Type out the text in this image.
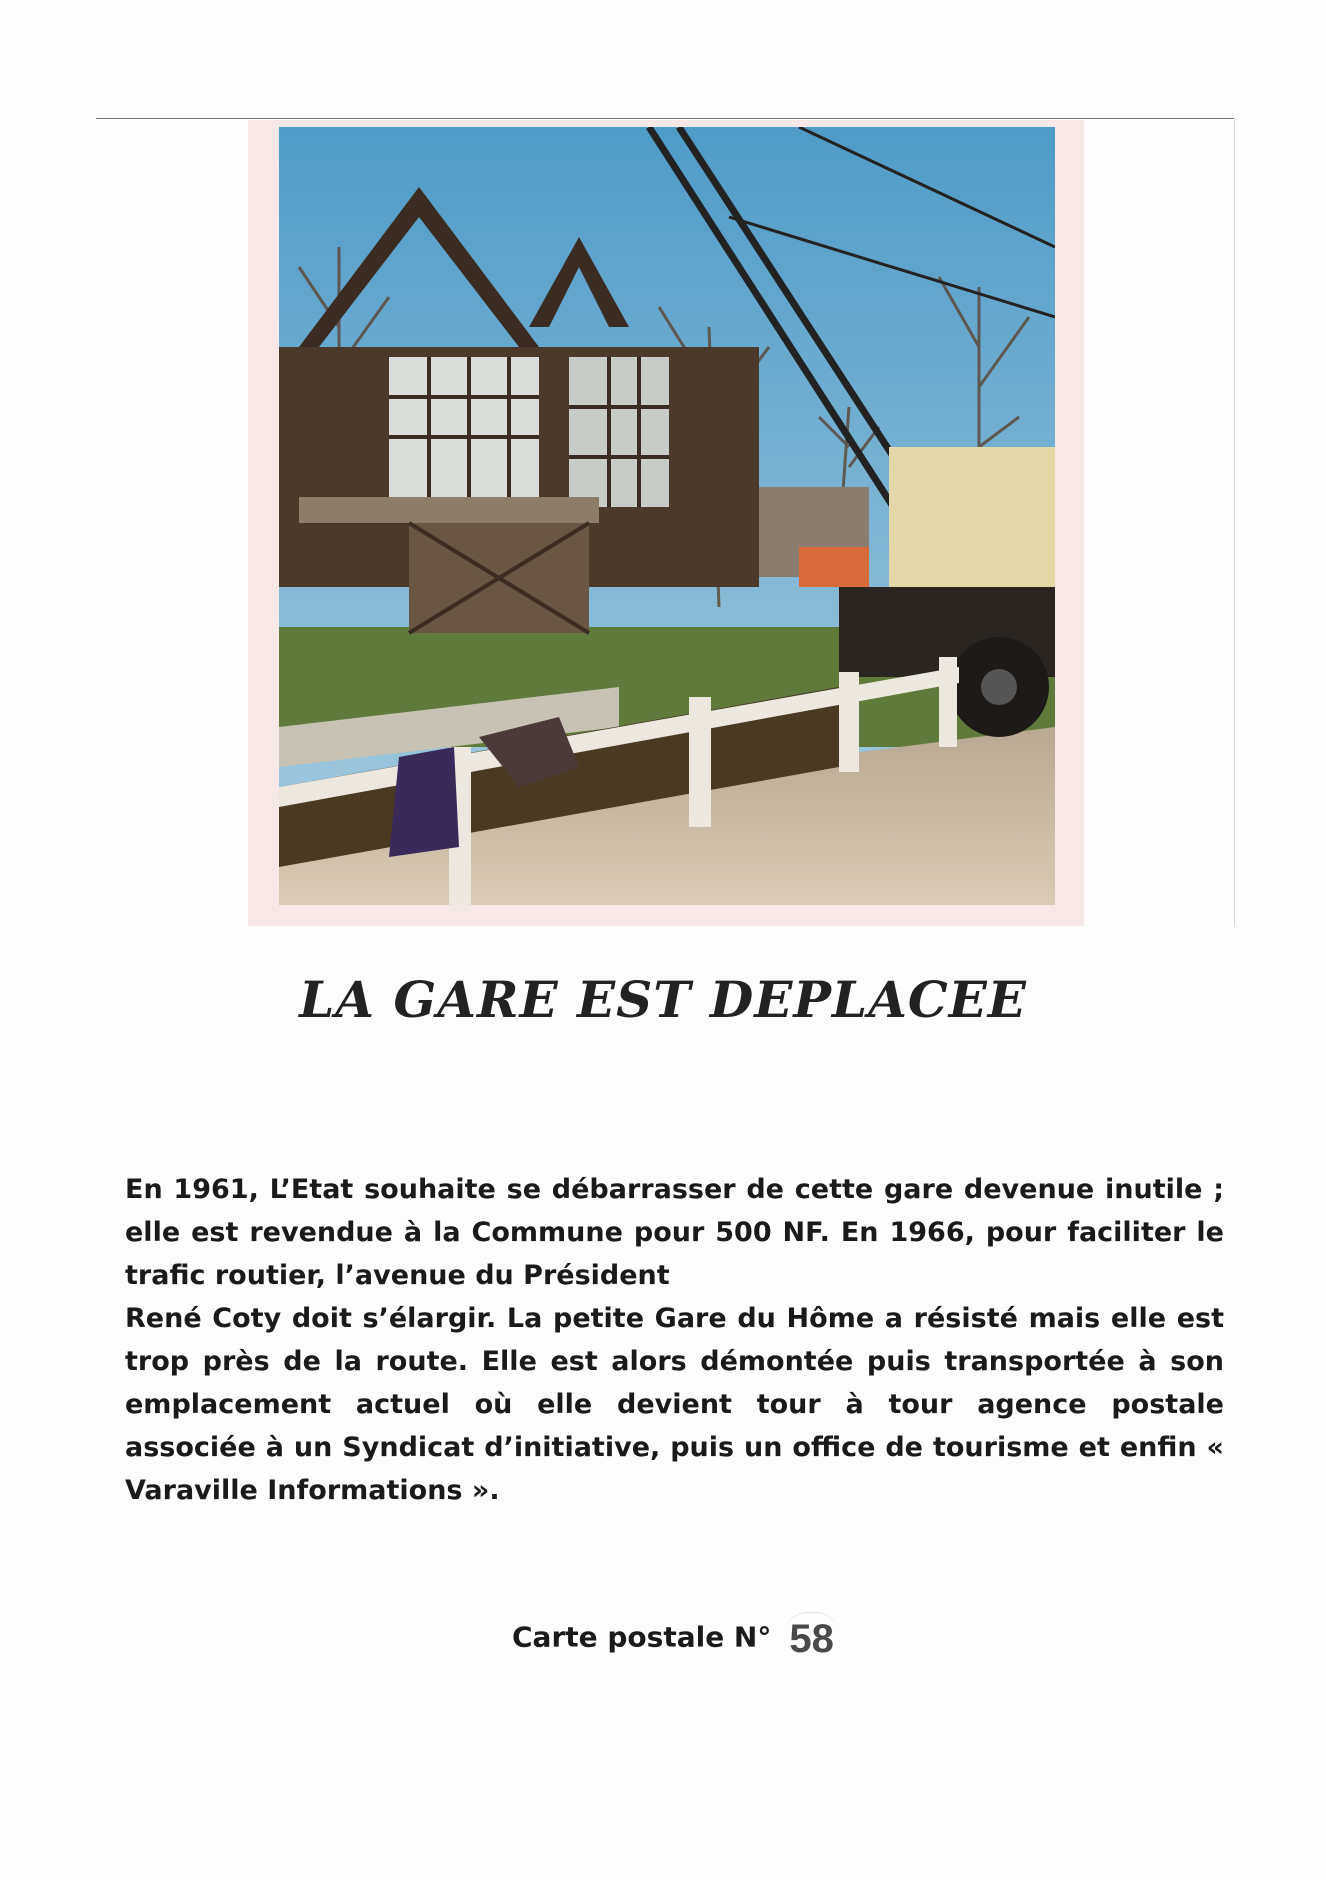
LA GARE EST DEPLACEE

En 1961, L’Etat souhaite se débarrasser de cette gare devenue inutile ; elle est revendue à la Commune pour 500 NF. En 1966, pour faciliter le trafic routier, l’avenue du Président

René Coty doit s’élargir. La petite Gare du Hôme a résisté mais elle est trop près de la route. Elle est alors démontée puis transportée à son emplacement actuel où elle devient tour à tour agence postale associée à un Syndicat d’initiative, puis un office de tourisme et enfin « Varaville Informations ».

Carte postale N° 58
